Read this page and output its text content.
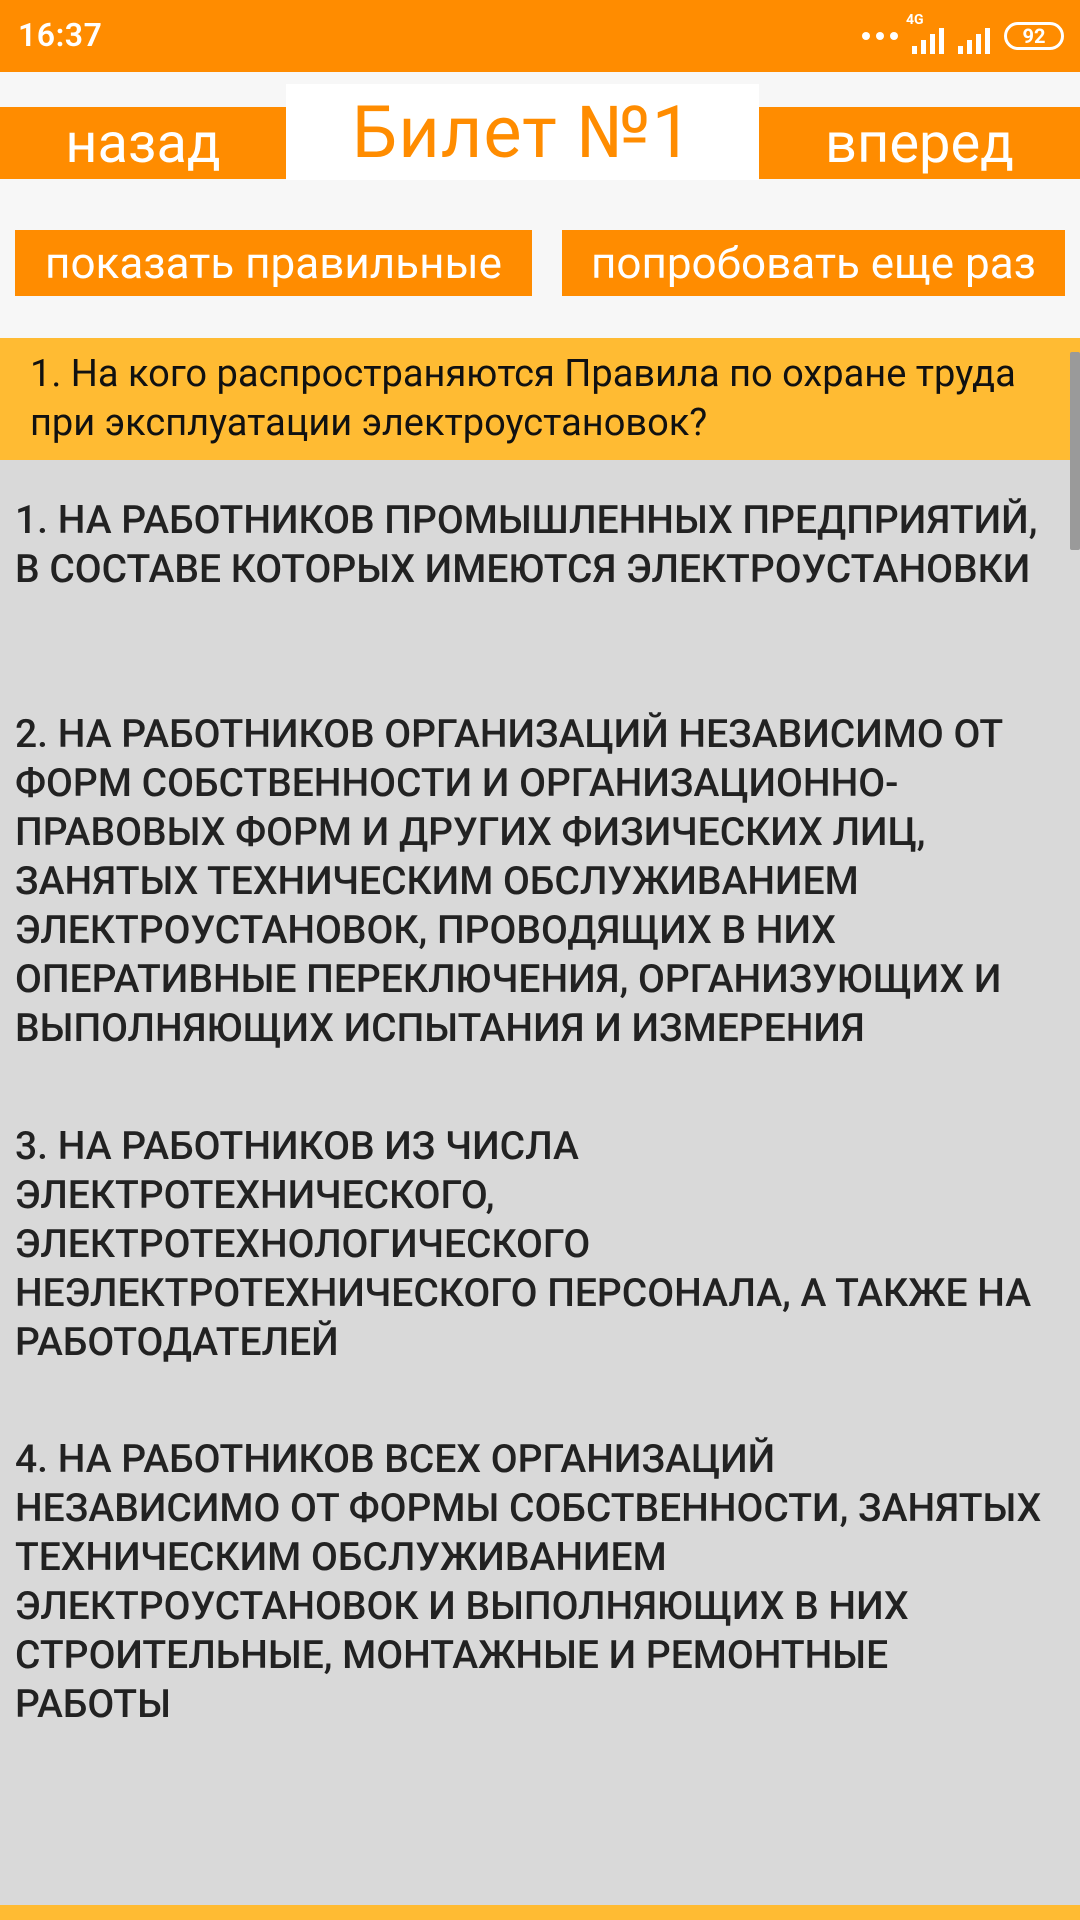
16:37	4G
92
назад	Билет №1	вперед
показать правильные	попробовать еще раз
1. На кого распространяются Правила по охране труда при эксплуатации электроустановок?
1. НА РАБОТНИКОВ ПРОМЫШЛЕННЫХ ПРЕДПРИЯТИЙ, В СОСТАВЕ КОТОРЫХ ИМЕЮТСЯ ЭЛЕКТРОУСТАНОВКИ
2. НА РАБОТНИКОВ ОРГАНИЗАЦИЙ НЕЗАВИСИМО ОТ ФОРМ СОБСТВЕННОСТИ И ОРГАНИЗАЦИОННО-ПРАВОВЫХ ФОРМ И ДРУГИХ ФИЗИЧЕСКИХ ЛИЦ, ЗАНЯТЫХ ТЕХНИЧЕСКИМ ОБСЛУЖИВАНИЕМ ЭЛЕКТРОУСТАНОВОК, ПРОВОДЯЩИХ В НИХ ОПЕРАТИВНЫЕ ПЕРЕКЛЮЧЕНИЯ, ОРГАНИЗУЮЩИХ И ВЫПОЛНЯЮЩИХ ИСПЫТАНИЯ И ИЗМЕРЕНИЯ
3. НА РАБОТНИКОВ ИЗ ЧИСЛА ЭЛЕКТРОТЕХНИЧЕСКОГО, ЭЛЕКТРОТЕХНОЛОГИЧЕСКОГО НЕЭЛЕКТРОТЕХНИЧЕСКОГО ПЕРСОНАЛА, А ТАКЖЕ НА РАБОТОДАТЕЛЕЙ
4. НА РАБОТНИКОВ ВСЕХ ОРГАНИЗАЦИЙ НЕЗАВИСИМО ОТ ФОРМЫ СОБСТВЕННОСТИ, ЗАНЯТЫХ ТЕХНИЧЕСКИМ ОБСЛУЖИВАНИЕМ ЭЛЕКТРОУСТАНОВОК И ВЫПОЛНЯЮЩИХ В НИХ СТРОИТЕЛЬНЫЕ, МОНТАЖНЫЕ И РЕМОНТНЫЕ РАБОТЫ
